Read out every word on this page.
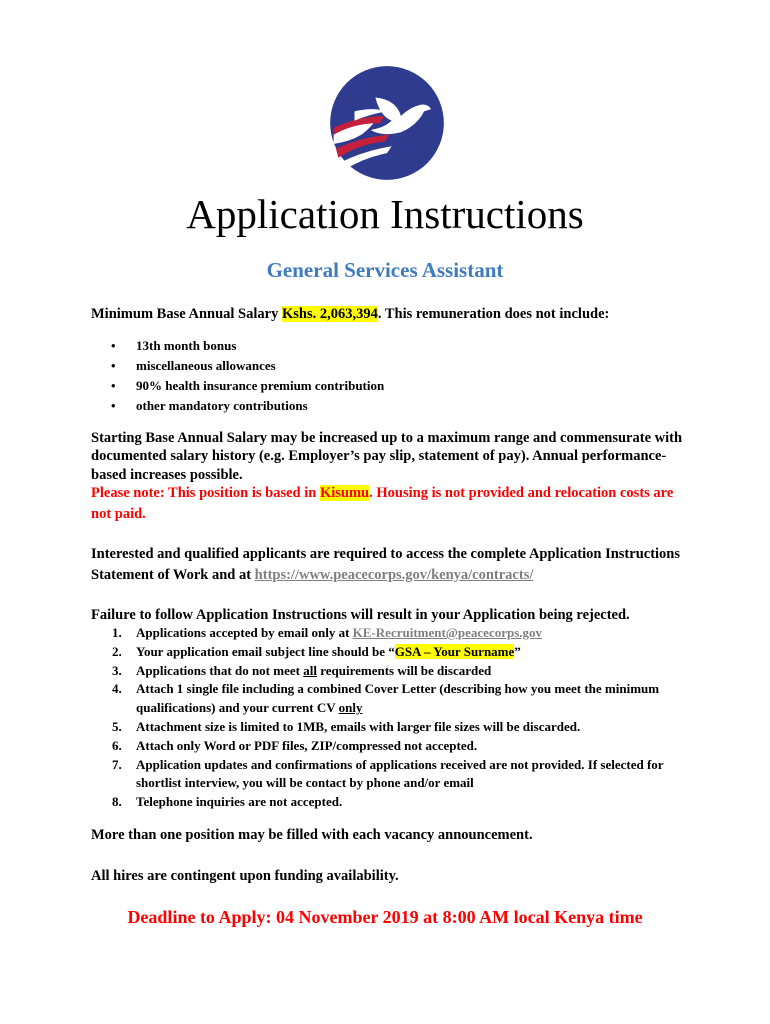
Application Instructions
General Services Assistant
Minimum Base Annual Salary Kshs. 2,063,394. This remuneration does not include:
• 13th month bonus
• miscellaneous allowances
• 90% health insurance premium contribution
• other mandatory contributions
Starting Base Annual Salary may be increased up to a maximum range and commensurate with documented salary history (e.g. Employer’s pay slip, statement of pay). Annual performance-based increases possible.
Please note: This position is based in Kisumu. Housing is not provided and relocation costs are not paid.
Interested and qualified applicants are required to access the complete Application Instructions Statement of Work and at https://www.peacecorps.gov/kenya/contracts/
Failure to follow Application Instructions will result in your Application being rejected.
1. Applications accepted by email only at KE-Recruitment@peacecorps.gov
2. Your application email subject line should be “GSA – Your Surname”
3. Applications that do not meet all requirements will be discarded
4. Attach 1 single file including a combined Cover Letter (describing how you meet the minimum qualifications) and your current CV only
5. Attachment size is limited to 1MB, emails with larger file sizes will be discarded.
6. Attach only Word or PDF files, ZIP/compressed not accepted.
7. Application updates and confirmations of applications received are not provided. If selected for shortlist interview, you will be contact by phone and/or email
8. Telephone inquiries are not accepted.
More than one position may be filled with each vacancy announcement.
All hires are contingent upon funding availability.
Deadline to Apply: 04 November 2019 at 8:00 AM local Kenya time
